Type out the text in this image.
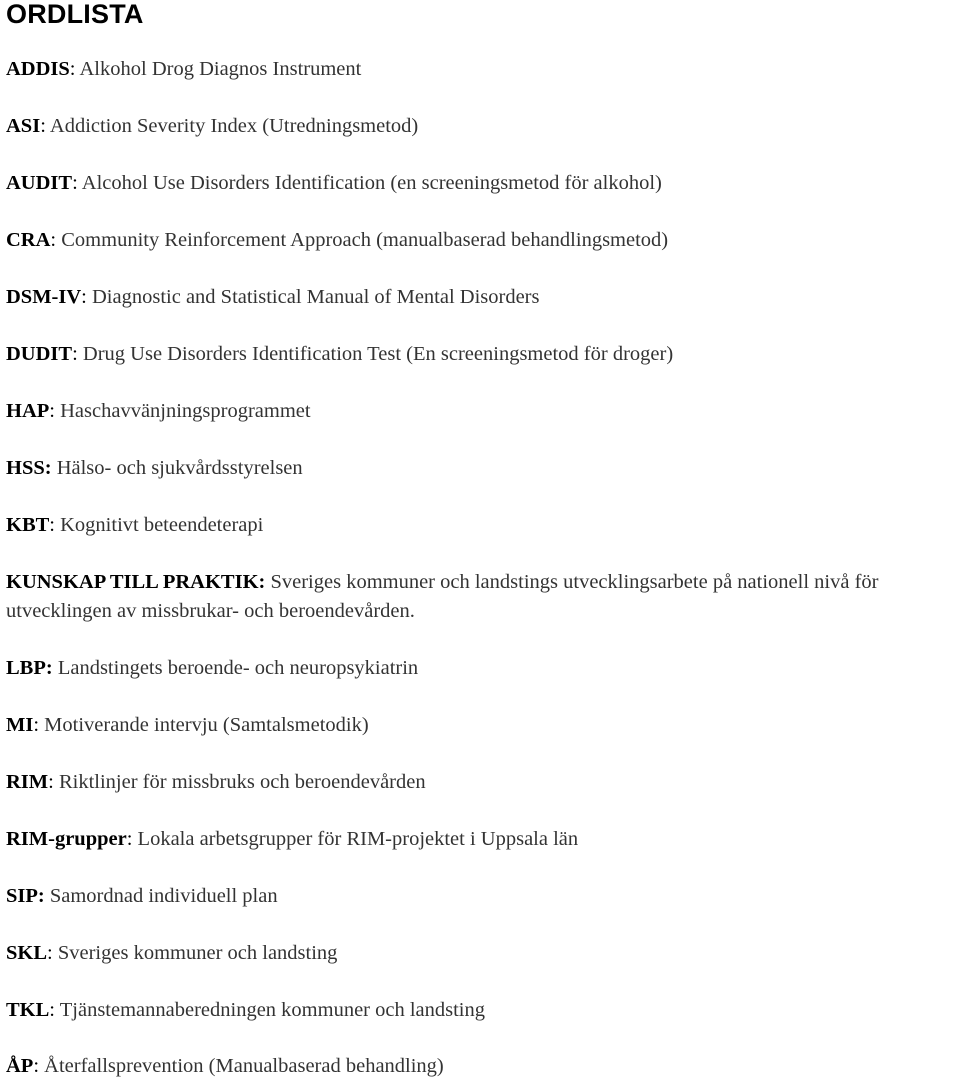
ORDLISTA
ADDIS: Alkohol Drog Diagnos Instrument
ASI: Addiction Severity Index (Utredningsmetod)
AUDIT: Alcohol Use Disorders Identification (en screeningsmetod för alkohol)
CRA: Community Reinforcement Approach (manualbaserad behandlingsmetod)
DSM-IV: Diagnostic and Statistical Manual of Mental Disorders
DUDIT: Drug Use Disorders Identification Test (En screeningsmetod för droger)
HAP: Haschavvänjningsprogrammet
HSS: Hälso- och sjukvårdsstyrelsen
KBT: Kognitivt beteendeterapi
KUNSKAP TILL PRAKTIK: Sveriges kommuner och landstings utvecklingsarbete på nationell nivå för utvecklingen av missbrukar- och beroendevården.
LBP: Landstingets beroende- och neuropsykiatrin
MI: Motiverande intervju (Samtalsmetodik)
RIM: Riktlinjer för missbruks och beroendevården
RIM-grupper: Lokala arbetsgrupper för RIM-projektet i Uppsala län
SIP: Samordnad individuell plan
SKL: Sveriges kommuner och landsting
TKL: Tjänstemannaberedningen kommuner och landsting
ÅP: Återfallsprevention (Manualbaserad behandling)
